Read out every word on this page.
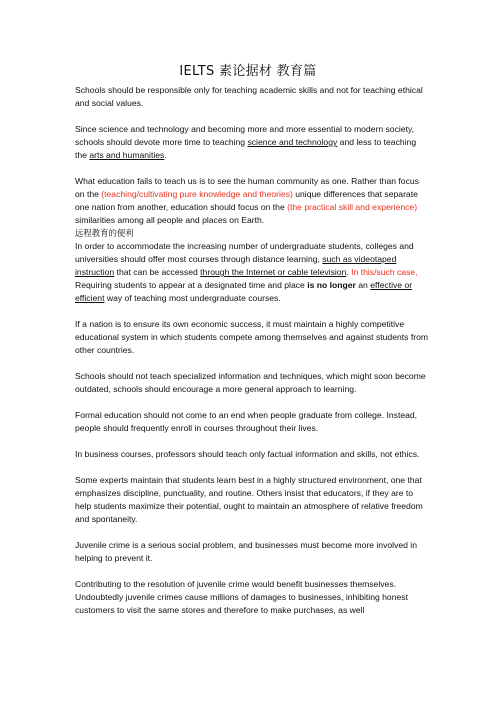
IELTS 素论据材 教育篇

Schools should be responsible only for teaching academic skills and not for teaching ethical and social values.

Since science and technology and becoming more and more essential to modern society, schools should devote more time to teaching science and technology and less to teaching the arts and humanities.

What education fails to teach us is to see the human community as one. Rather than focus on the (teaching/cultivating pure knowledge and theories) unique differences that separate one nation from another, education should focus on the (the practical skill and experience) similarities among all people and places on Earth.

远程教育的便利

In order to accommodate the increasing number of undergraduate students, colleges and universities should offer most courses through distance learning, such as videotaped instruction that can be accessed through the Internet or cable television. In this/such case, Requiring students to appear at a designated time and place is no longer an effective or efficient way of teaching most undergraduate courses.

If a nation is to ensure its own economic success, it must maintain a highly competitive educational system in which students compete among themselves and against students from other countries.

Schools should not teach specialized information and techniques, which might soon become outdated, schools should encourage a more general approach to learning.

Formal education should not come to an end when people graduate from college. Instead, people should frequently enroll in courses throughout their lives.

In business courses, professors should teach only factual information and skills, not ethics.

Some experts maintain that students learn best in a highly structured environment, one that emphasizes discipline, punctuality, and routine. Others insist that educators, if they are to help students maximize their potential, ought to maintain an atmosphere of relative freedom and spontaneity.

Juvenile crime is a serious social problem, and businesses must become more involved in helping to prevent it.

Contributing to the resolution of juvenile crime would benefit businesses themselves. Undoubtedly juvenile crimes cause millions of damages to businesses, inhibiting honest customers to visit the same stores and therefore to make purchases, as well
